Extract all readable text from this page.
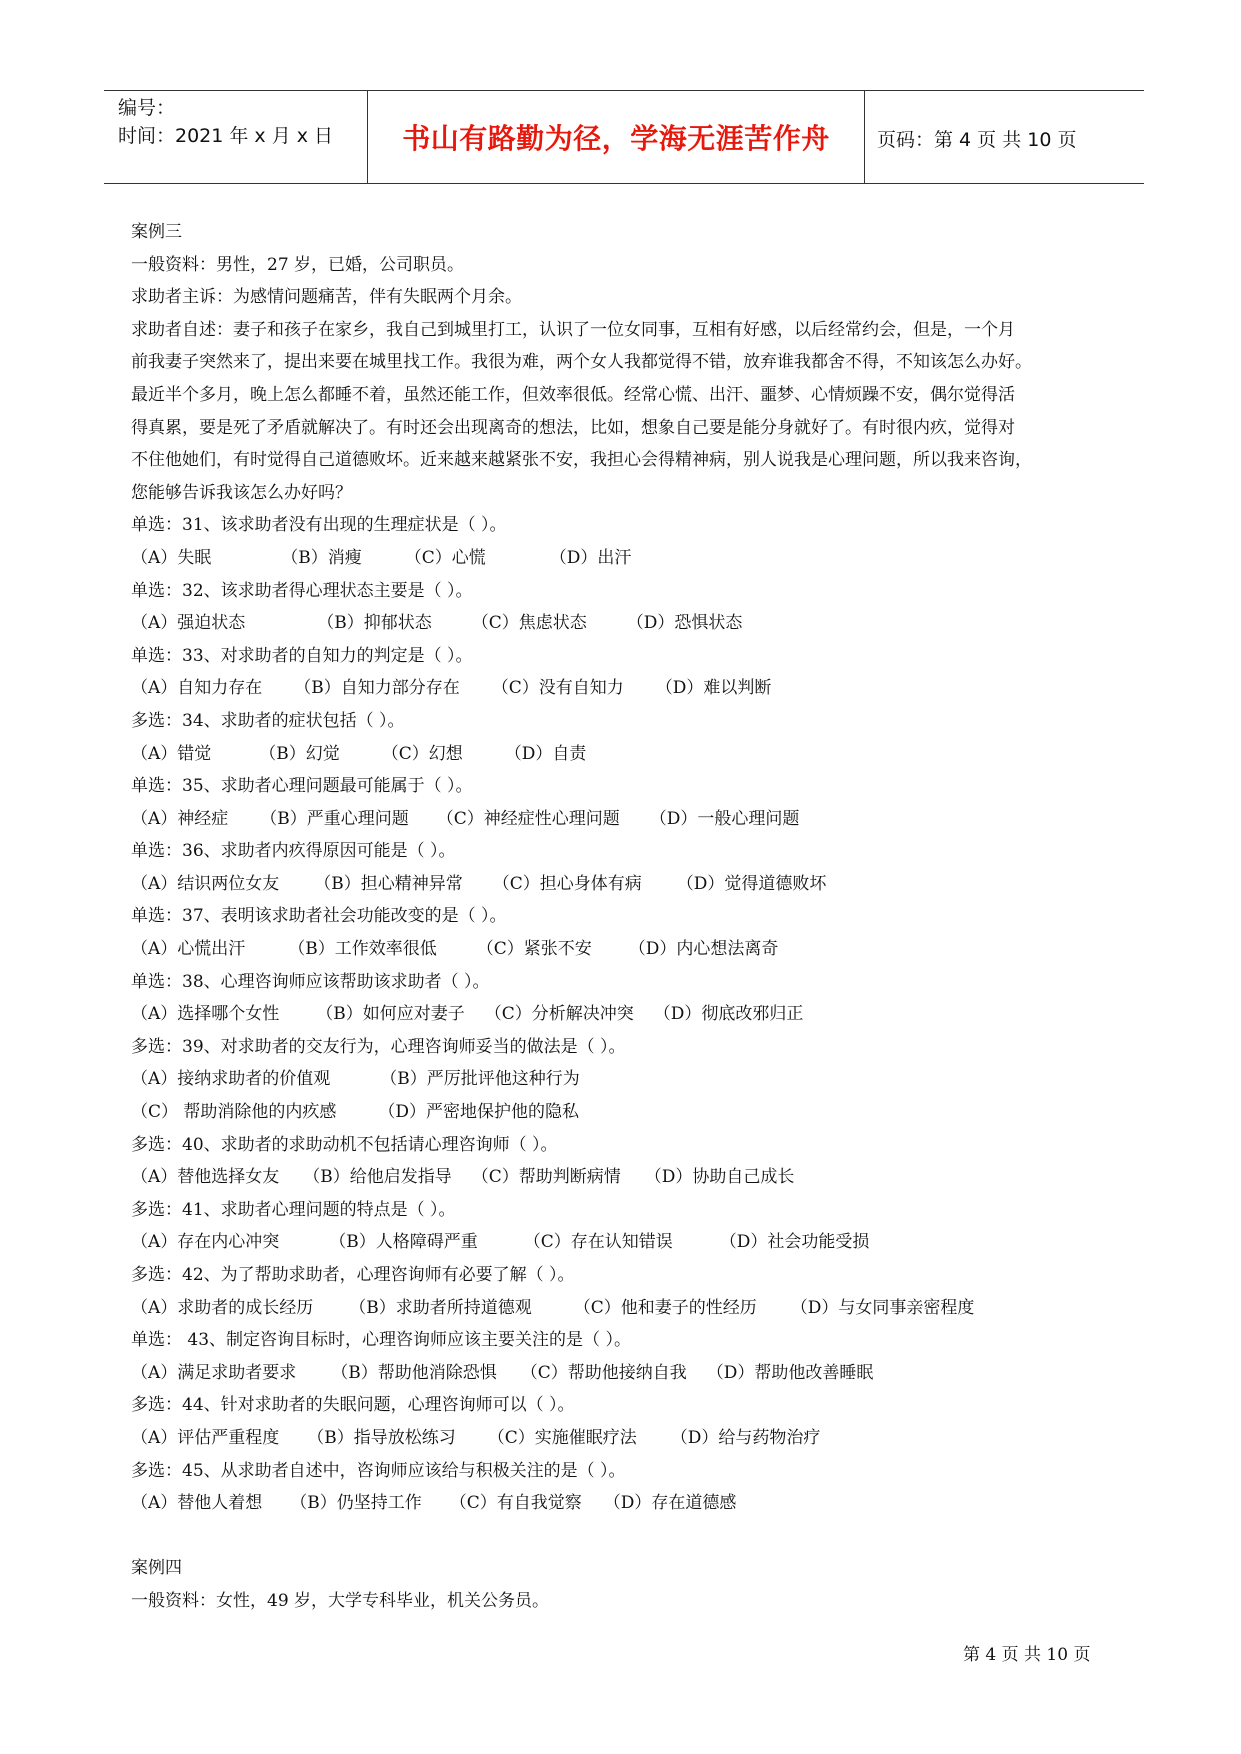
编号：
时间：2021 年 x 月 x 日	书山有路勤为径，学海无涯苦作舟	页码：第 4 页 共 10 页
案例三
一般资料：男性，27 岁，已婚，公司职员。
求助者主诉：为感情问题痛苦，伴有失眠两个月余。
求助者自述：妻子和孩子在家乡，我自己到城里打工，认识了一位女同事，互相有好感，以后经常约会，但是，一个月
前我妻子突然来了，提出来要在城里找工作。我很为难，两个女人我都觉得不错，放弃谁我都舍不得，不知该怎么办好。
最近半个多月，晚上怎么都睡不着，虽然还能工作，但效率很低。经常心慌、出汗、噩梦、心情烦躁不安，偶尔觉得活
得真累，要是死了矛盾就解决了。有时还会出现离奇的想法，比如，想象自己要是能分身就好了。有时很内疚，觉得对
不住他她们，有时觉得自己道德败坏。近来越来越紧张不安，我担心会得精神病，别人说我是心理问题，所以我来咨询，
您能够告诉我该怎么办好吗？
单选：31、该求助者没有出现的生理症状是（ ）。
（A）失眠	（B）消瘦	（C）心慌	（D）出汗
单选：32、该求助者得心理状态主要是（ ）。
（A）强迫状态	（B）抑郁状态 （C）焦虑状态 （D）恐惧状态
单选：33、对求助者的自知力的判定是（ ）。
（A）自知力存在 （B）自知力部分存在 （C）没有自知力 （D）难以判断
多选：34、求助者的症状包括（ ）。
（A）错觉	（B）幻觉 （C）幻想 （D）自责
单选：35、求助者心理问题最可能属于（ ）。
（A）神经症 （B）严重心理问题 （C）神经症性心理问题 （D）一般心理问题
单选：36、求助者内疚得原因可能是（ ）。
（A）结识两位女友 （B）担心精神异常 （C）担心身体有病 （D）觉得道德败坏
单选：37、表明该求助者社会功能改变的是（ ）。
（A）心慌出汗	（B）工作效率很低 （C）紧张不安 （D）内心想法离奇
单选：38、心理咨询师应该帮助该求助者（ ）。
（A）选择哪个女性 （B）如何应对妻子 （C）分析解决冲突 （D）彻底改邪归正
多选：39、对求助者的交友行为，心理咨询师妥当的做法是（ ）。
（A）接纳求助者的价值观	（B）严厉批评他这种行为
（C） 帮助消除他的内疚感 （D）严密地保护他的隐私
多选：40、求助者的求助动机不包括请心理咨询师（ ）。
（A）替他选择女友 （B）给他启发指导 （C）帮助判断病情 （D）协助自己成长
多选：41、求助者心理问题的特点是（ ）。
（A）存在内心冲突	（B）人格障碍严重	（C）存在认知错误	（D）社会功能受损
多选：42、为了帮助求助者，心理咨询师有必要了解（ ）。
（A）求助者的成长经历 （B）求助者所持道德观 （C）他和妻子的性经历 （D）与女同事亲密程度
单选： 43、制定咨询目标时，心理咨询师应该主要关注的是（ ）。
（A）满足求助者要求 （B）帮助他消除恐惧 （C）帮助他接纳自我 （D）帮助他改善睡眠
多选：44、针对求助者的失眠问题，心理咨询师可以（ ）。
（A）评估严重程度 （B）指导放松练习 （C）实施催眠疗法 （D）给与药物治疗
多选：45、从求助者自述中，咨询师应该给与积极关注的是（ ）。
（A）替他人着想 （B）仍坚持工作 （C）有自我觉察 （D）存在道德感
案例四
一般资料：女性，49 岁，大学专科毕业，机关公务员。
第 4 页 共 10 页
